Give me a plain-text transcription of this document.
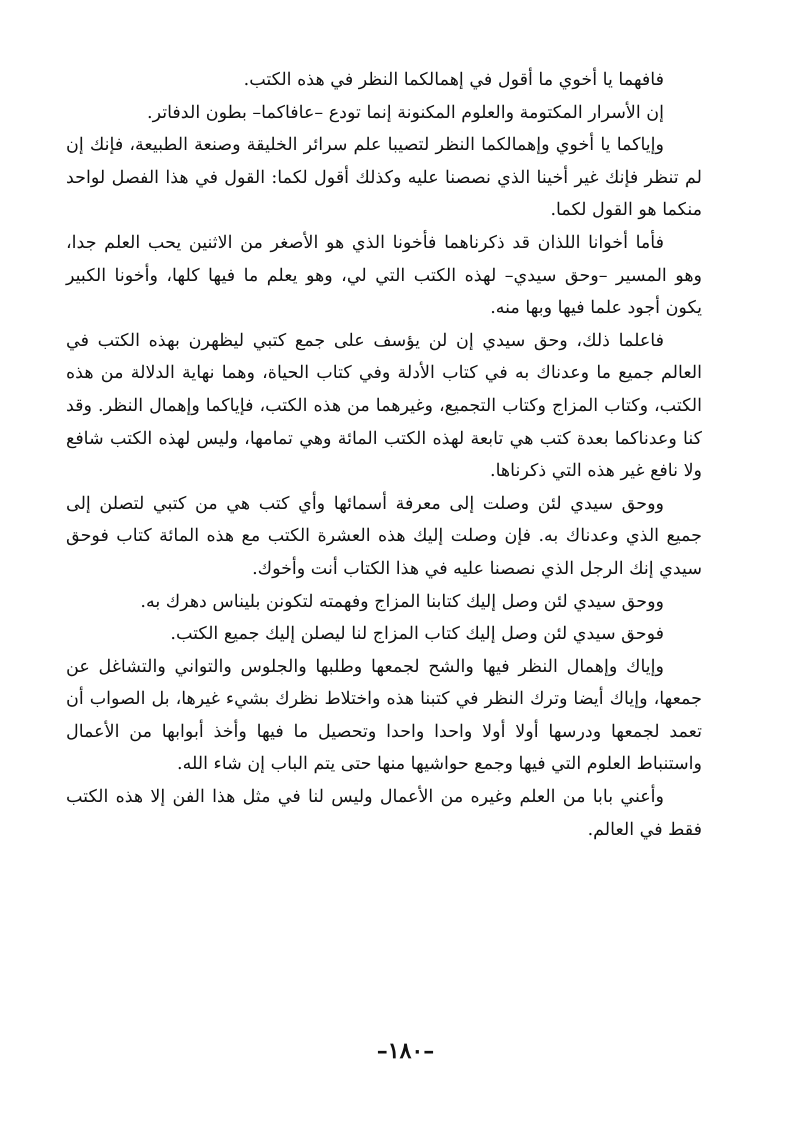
فافهما يا أخوي ما أقول في إهمالكما النظر في هذه الكتب.

إن الأسرار المكتومة والعلوم المكنونة إنما تودع –عافاكما– بطون الدفاتر.

وإياكما يا أخوي وإهمالكما النظر لتصيبا علم سرائر الخليقة وصنعة الطبيعة، فإنك إن لم تنظر فإنك غير أخينا الذي نصصنا عليه وكذلك أقول لكما: القول في هذا الفصل لواحد منكما هو القول لكما.

فأما أخوانا اللذان قد ذكرناهما فأخونا الذي هو الأصغر من الاثنين يحب العلم جدا، وهو المسير –وحق سيدي– لهذه الكتب التي لي، وهو يعلم ما فيها كلها، وأخونا الكبير يكون أجود علما فيها وبها منه.

فاعلما ذلك، وحق سيدي إن لن يؤسف على جمع كتبي ليظهرن بهذه الكتب في العالم جميع ما وعدناك به في كتاب الأدلة وفي كتاب الحياة، وهما نهاية الدلالة من هذه الكتب، وكتاب المزاج وكتاب التجميع، وغيرهما من هذه الكتب، فإياكما وإهمال النظر. وقد كنا وعدناكما بعدة كتب هي تابعة لهذه الكتب المائة وهي تمامها، وليس لهذه الكتب شافع ولا نافع غير هذه التي ذكرناها.

ووحق سيدي لئن وصلت إلى معرفة أسمائها وأي كتب هي من كتبي لتصلن إلى جميع الذي وعدناك به. فإن وصلت إليك هذه العشرة الكتب مع هذه المائة كتاب فوحق سيدي إنك الرجل الذي نصصنا عليه في هذا الكتاب أنت وأخوك.

ووحق سيدي لئن وصل إليك كتابنا المزاج وفهمته لتكونن بليناس دهرك به.

فوحق سيدي لئن وصل إليك كتاب المزاج لنا ليصلن إليك جميع الكتب.

وإياك وإهمال النظر فيها والشح لجمعها وطلبها والجلوس والتواني والتشاغل عن جمعها، وإياك أيضا وترك النظر في كتبنا هذه واختلاط نظرك بشيء غيرها، بل الصواب أن تعمد لجمعها ودرسها أولا أولا واحدا واحدا وتحصيل ما فيها وأخذ أبوابها من الأعمال واستنباط العلوم التي فيها وجمع حواشيها منها حتى يتم الباب إن شاء الله.

وأعني بابا من العلم وغيره من الأعمال وليس لنا في مثل هذا الفن إلا هذه الكتب فقط في العالم.

–١٨٠–
